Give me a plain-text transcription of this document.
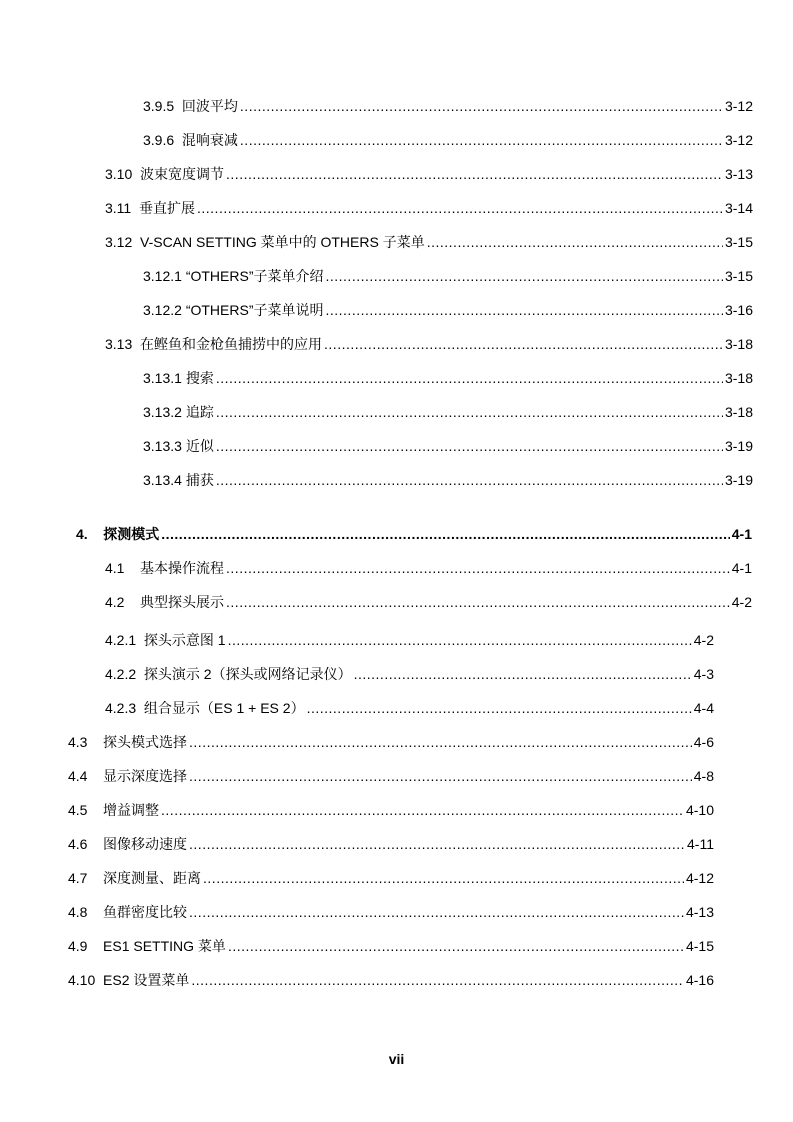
3.9.5  回波平均 .....	3-12
3.9.6  混响衰减 .....	3-12
3.10  波束宽度调节 .....	3-13
3.11  垂直扩展 .....	3-14
3.12  V-SCAN SETTING 菜单中的 OTHERS 子菜单 .....	3-15
3.12.1 “OTHERS”子菜单介绍 .....	3-15
3.12.2 “OTHERS”子菜单说明 .....	3-16
3.13  在鲣鱼和金枪鱼捕捞中的应用 .....	3-18
3.13.1 搜索 .....	3-18
3.13.2 追踪 .....	3-18
3.13.3 近似 .....	3-19
3.13.4 捕获 .....	3-19
4.    探测模式 .....	4-1
4.1    基本操作流程 .....	4-1
4.2    典型探头展示 .....	4-2
4.2.1  探头示意图 1 .....	4-2
4.2.2  探头演示 2（探头或网络记录仪） .....	4-3
4.2.3  组合显示（ES 1 + ES 2） .....	4-4
4.3    探头模式选择 .....	4-6
4.4    显示深度选择 .....	4-8
4.5    增益调整 .....	4-10
4.6    图像移动速度 .....	4-11
4.7    深度测量、距离 .....	4-12
4.8    鱼群密度比较 .....	4-13
4.9    ES1 SETTING 菜单 .....	4-15
4.10  ES2 设置菜单 .....	4-16
vii
